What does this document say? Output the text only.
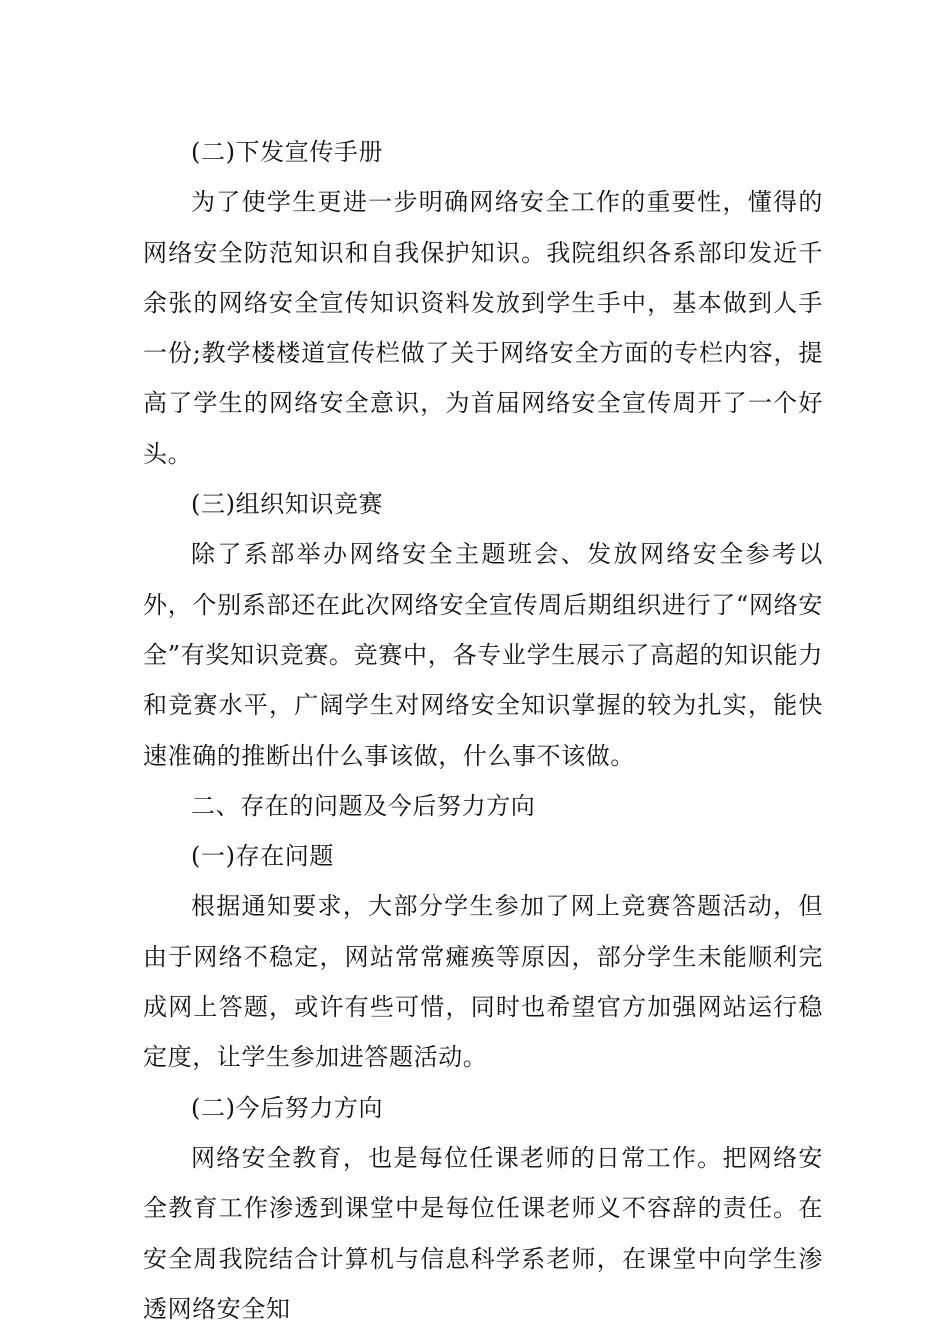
(二)下发宣传手册

为了使学生更进一步明确网络安全工作的重要性，懂得的网络安全防范知识和自我保护知识。我院组织各系部印发近千余张的网络安全宣传知识资料发放到学生手中，基本做到人手一份;教学楼楼道宣传栏做了关于网络安全方面的专栏内容，提高了学生的网络安全意识，为首届网络安全宣传周开了一个好头。

(三)组织知识竞赛

除了系部举办网络安全主题班会、发放网络安全参考以外，个别系部还在此次网络安全宣传周后期组织进行了“网络安全”有奖知识竞赛。竞赛中，各专业学生展示了高超的知识能力和竞赛水平，广阔学生对网络安全知识掌握的较为扎实，能快速准确的推断出什么事该做，什么事不该做。

二、存在的问题及今后努力方向

(一)存在问题

根据通知要求，大部分学生参加了网上竞赛答题活动，但由于网络不稳定，网站常常瘫痪等原因，部分学生未能顺利完成网上答题，或许有些可惜，同时也希望官方加强网站运行稳定度，让学生参加进答题活动。

(二)今后努力方向

网络安全教育，也是每位任课老师的日常工作。把网络安全教育工作渗透到课堂中是每位任课老师义不容辞的责任。在安全周我院结合计算机与信息科学系老师，在课堂中向学生渗透网络安全知
